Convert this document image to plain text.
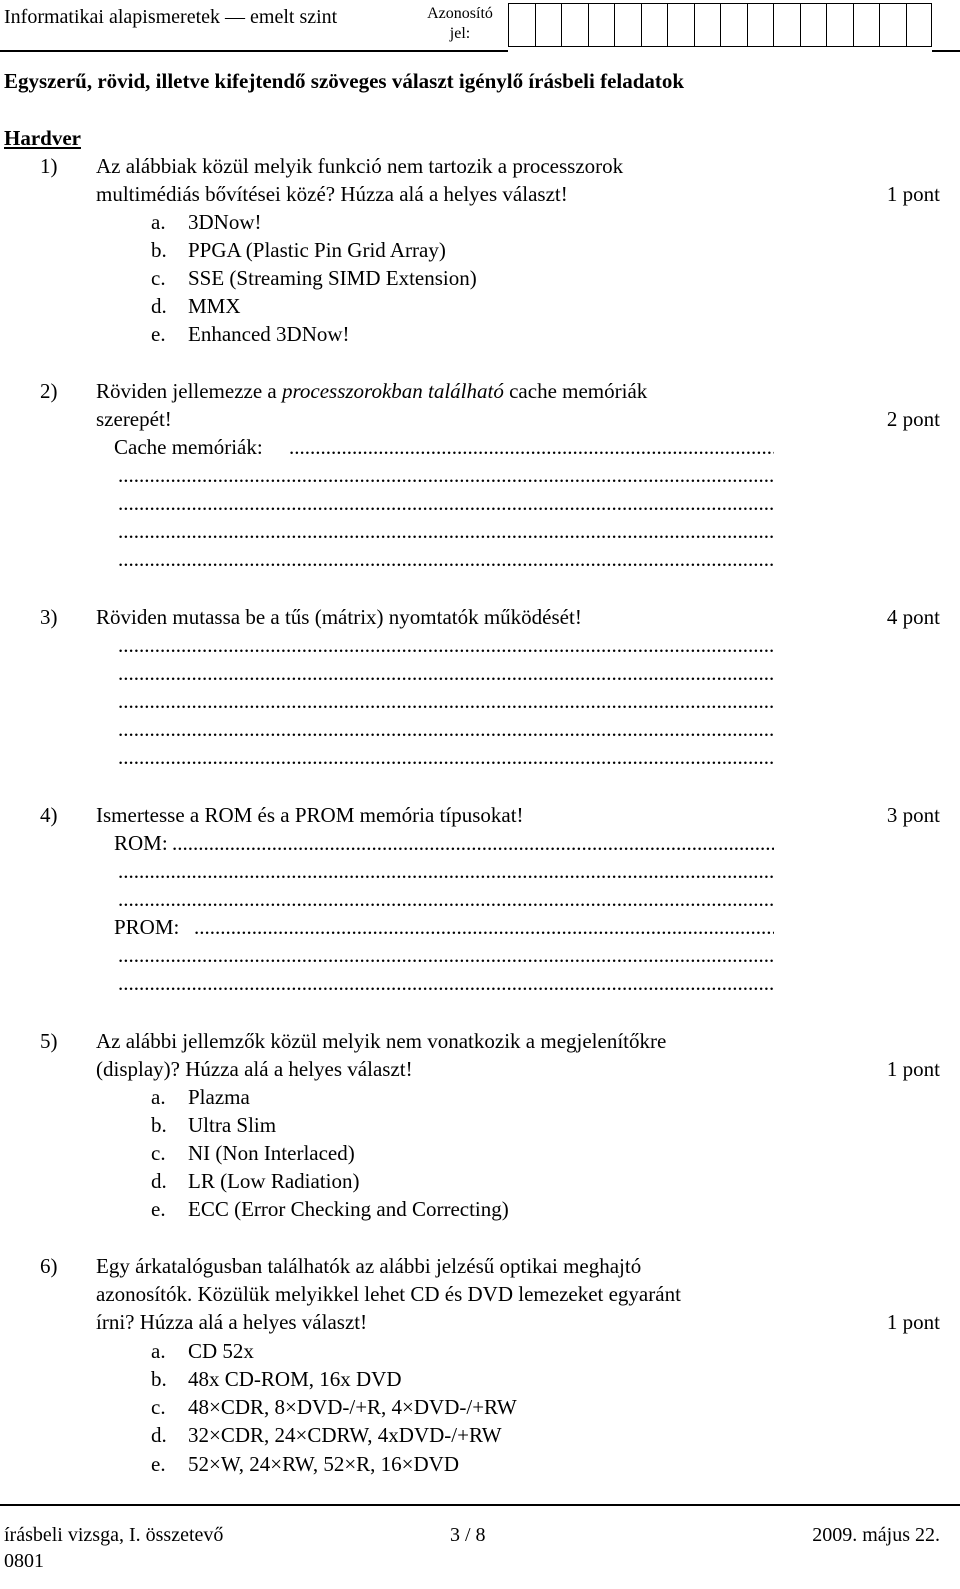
Informatikai alapismeretek — emelt szint	Azonosító
jel:
Egyszerű, rövid, illetve kifejtendő szöveges választ igénylő írásbeli feladatok
Hardver
1) Az alábbiak közül melyik funkció nem tartozik a processzorok
multimédiás bővítései közé? Húzza alá a helyes választ!	1 pont
a. 3DNow!
b. PPGA (Plastic Pin Grid Array)
c. SSE (Streaming SIMD Extension)
d. MMX
e. Enhanced 3DNow!
2) Röviden jellemezze a processzorokban található cache memóriák
szerepét!	2 pont
Cache memóriák:
.....
.....
.....
.....
.....
3) Röviden mutassa be a tűs (mátrix) nyomtatók működését!	4 pont
.....
.....
.....
.....
.....
4) Ismertesse a ROM és a PROM memória típusokat!	3 pont
ROM:
.....
.....
.....
PROM:
.....
.....
.....
5) Az alábbi jellemzők közül melyik nem vonatkozik a megjelenítőkre
(display)? Húzza alá a helyes választ!	1 pont
a. Plazma
b. Ultra Slim
c. NI (Non Interlaced)
d. LR (Low Radiation)
e. ECC (Error Checking and Correcting)
6) Egy árkatalógusban találhatók az alábbi jelzésű optikai meghajtó
azonosítók. Közülük melyikkel lehet CD és DVD lemezeket egyaránt
írni? Húzza alá a helyes választ!	1 pont
a. CD 52x
b. 48x CD-ROM, 16x DVD
c. 48×CDR, 8×DVD-/+R, 4×DVD-/+RW
d. 32×CDR, 24×CDRW, 4xDVD-/+RW
e. 52×W, 24×RW, 52×R, 16×DVD
írásbeli vizsga, I. összetevő
0801
3 / 8	2009. május 22.
